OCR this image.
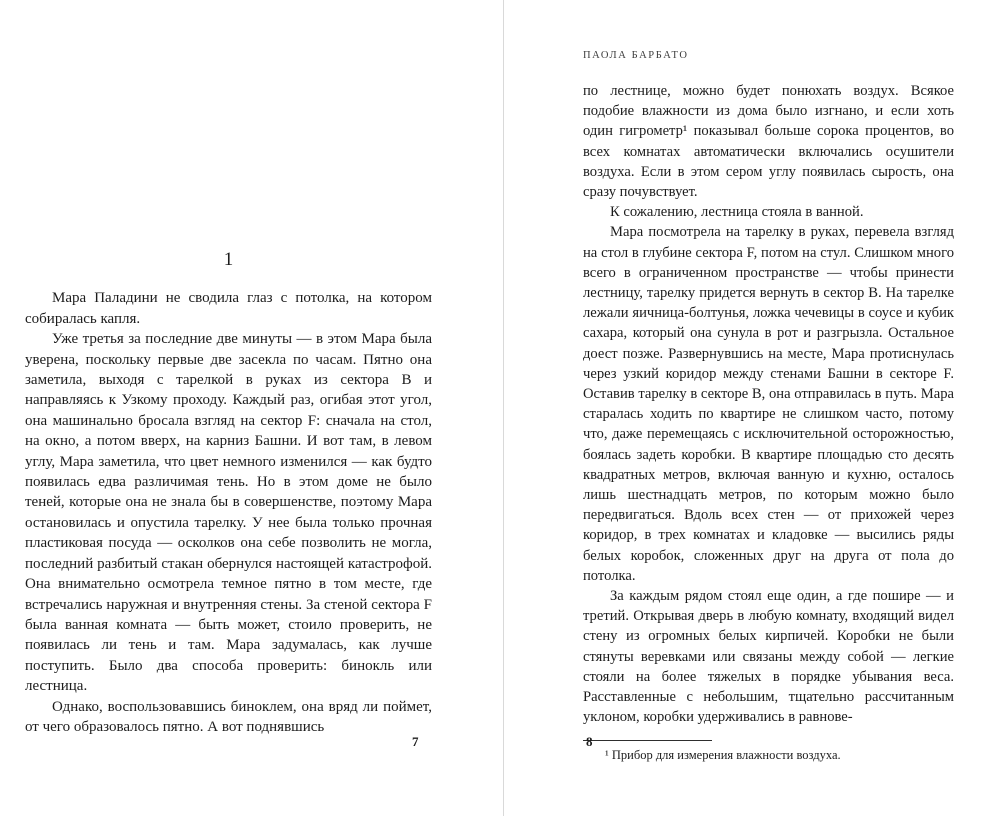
1

Мара Паладини не сводила глаз с потолка, на котором собиралась капля.

Уже третья за последние две минуты — в этом Мара была уверена, поскольку первые две засекла по часам. Пятно она заметила, выходя с тарелкой в руках из сектора B и направляясь к Узкому проходу. Каждый раз, огибая этот угол, она машинально бросала взгляд на сектор F: сначала на стол, на окно, а потом вверх, на карниз Башни. И вот там, в левом углу, Мара заметила, что цвет немного изменился — как будто появилась едва различимая тень. Но в этом доме не было теней, которые она не знала бы в совершенстве, поэтому Мара остановилась и опустила тарелку. У нее была только прочная пластиковая посуда — осколков она себе позволить не могла, последний разбитый стакан обернулся настоящей катастрофой. Она внимательно осмотрела темное пятно в том месте, где встречались наружная и внутренняя стены. За стеной сектора F была ванная комната — быть может, стоило проверить, не появилась ли тень и там. Мара задумалась, как лучше поступить. Было два способа проверить: бинокль или лестница.

Однако, воспользовавшись биноклем, она вряд ли поймет, от чего образовалось пятно. А вот поднявшись

7
ПАОЛА БАРБАТО

по лестнице, можно будет понюхать воздух. Всякое подобие влажности из дома было изгнано, и если хоть один гигрометр¹ показывал больше сорока процентов, во всех комнатах автоматически включались осушители воздуха. Если в этом сером углу появилась сырость, она сразу почувствует.

К сожалению, лестница стояла в ванной.

Мара посмотрела на тарелку в руках, перевела взгляд на стол в глубине сектора F, потом на стул. Слишком много всего в ограниченном пространстве — чтобы принести лестницу, тарелку придется вернуть в сектор B. На тарелке лежали яичница-болтунья, ложка чечевицы в соусе и кубик сахара, который она сунула в рот и разгрызла. Остальное доест позже. Развернувшись на месте, Мара протиснулась через узкий коридор между стенами Башни в секторе F. Оставив тарелку в секторе B, она отправилась в путь. Мара старалась ходить по квартире не слишком часто, потому что, даже перемещаясь с исключительной осторожностью, боялась задеть коробки. В квартире площадью сто десять квадратных метров, включая ванную и кухню, осталось лишь шестнадцать метров, по которым можно было передвигаться. Вдоль всех стен — от прихожей через коридор, в трех комнатах и кладовке — высились ряды белых коробок, сложенных друг на друга от пола до потолка.

За каждым рядом стоял еще один, а где пошире — и третий. Открывая дверь в любую комнату, входящий видел стену из огромных белых кирпичей. Коробки не были стянуты веревками или связаны между собой — легкие стояли на более тяжелых в порядке убывания веса. Расставленные с небольшим, тщательно рассчитанным уклоном, коробки удерживались в равнове-

¹ Прибор для измерения влажности воздуха.

8
